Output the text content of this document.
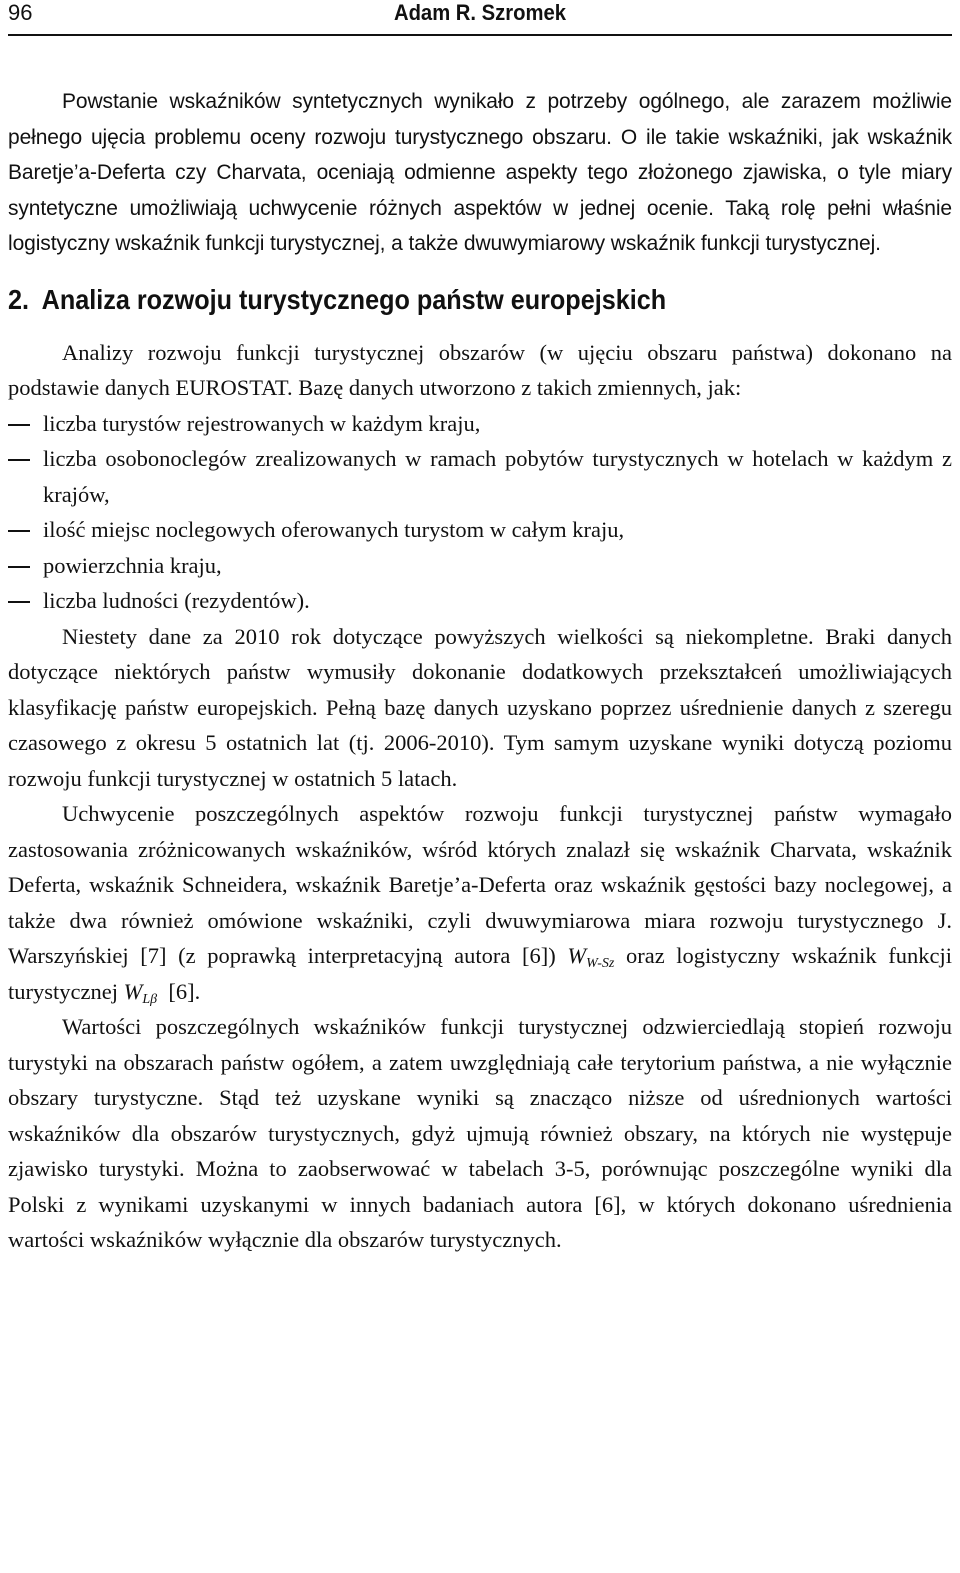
96	Adam R. Szromek

Powstanie wskaźników syntetycznych wynikało z potrzeby ogólnego, ale zarazem możliwie pełnego ujęcia problemu oceny rozwoju turystycznego obszaru. O ile takie wskaźniki, jak wskaźnik Baretje’a-Deferta czy Charvata, oceniają odmienne aspekty tego złożonego zjawiska, o tyle miary syntetyczne umożliwiają uchwycenie różnych aspektów w jednej ocenie. Taką rolę pełni właśnie logistyczny wskaźnik funkcji turystycznej, a także dwuwymiarowy wskaźnik funkcji turystycznej.

2. Analiza rozwoju turystycznego państw europejskich

Analizy rozwoju funkcji turystycznej obszarów (w ujęciu obszaru państwa) dokonano na podstawie danych EUROSTAT. Bazę danych utworzono z takich zmiennych, jak:

liczba turystów rejestrowanych w każdym kraju,
liczba osobonoclegów zrealizowanych w ramach pobytów turystycznych w hotelach w każdym z krajów,
ilość miejsc noclegowych oferowanych turystom w całym kraju,
powierzchnia kraju,
liczba ludności (rezydentów).

Niestety dane za 2010 rok dotyczące powyższych wielkości są niekompletne. Braki danych dotyczące niektórych państw wymusiły dokonanie dodatkowych przekształceń umożliwiających klasyfikację państw europejskich. Pełną bazę danych uzyskano poprzez uśrednienie danych z szeregu czasowego z okresu 5 ostatnich lat (tj. 2006-2010). Tym samym uzyskane wyniki dotyczą poziomu rozwoju funkcji turystycznej w ostatnich 5 latach.

Uchwycenie poszczególnych aspektów rozwoju funkcji turystycznej państw wymagało zastosowania zróżnicowanych wskaźników, wśród których znalazł się wskaźnik Charvata, wskaźnik Deferta, wskaźnik Schneidera, wskaźnik Baretje’a-Deferta oraz wskaźnik gęstości bazy noclegowej, a także dwa również omówione wskaźniki, czyli dwuwymiarowa miara rozwoju turystycznego J. Warszyńskiej [7] (z poprawką interpretacyjną autora [6]) $W_{W-Sz}$ oraz logistyczny wskaźnik funkcji turystycznej $W_{L\beta}$ [6].

Wartości poszczególnych wskaźników funkcji turystycznej odzwierciedlają stopień rozwoju turystyki na obszarach państw ogółem, a zatem uwzględniają całe terytorium państwa, a nie wyłącznie obszary turystyczne. Stąd też uzyskane wyniki są znacząco niższe od uśrednionych wartości wskaźników dla obszarów turystycznych, gdyż ujmują również obszary, na których nie występuje zjawisko turystyki. Można to zaobserwować w tabelach 3-5, porównując poszczególne wyniki dla Polski z wynikami uzyskanymi w innych badaniach autora [6], w których dokonano uśrednienia wartości wskaźników wyłącznie dla obszarów turystycznych.
